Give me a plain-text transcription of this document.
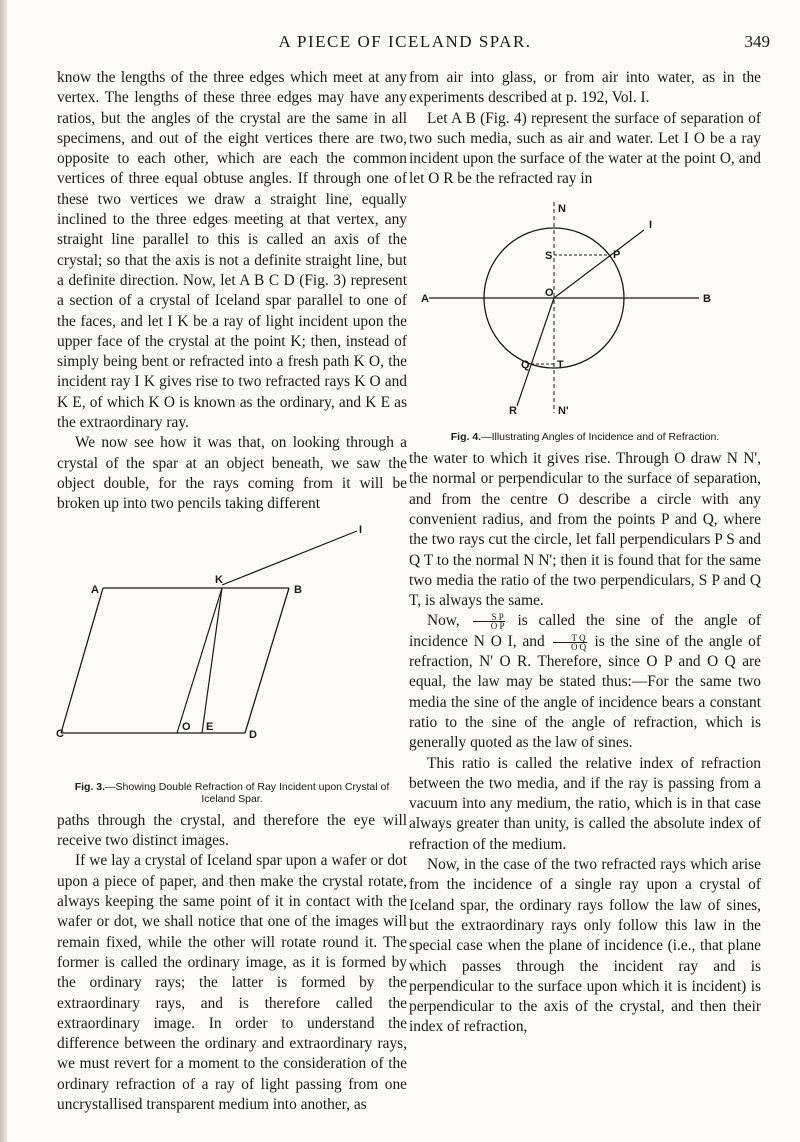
A PIECE OF ICELAND SPAR.	349

know the lengths of the three edges which meet at any vertex. The lengths of these three edges may have any ratios, but the angles of the crystal are the same in all specimens, and out of the eight vertices there are two, opposite to each other, which are each the common vertices of three equal obtuse angles. If through one of these two vertices we draw a straight line, equally inclined to the three edges meeting at that vertex, any straight line parallel to this is called an axis of the crystal; so that the axis is not a definite straight line, but a definite direction. Now, let A B C D (Fig. 3) represent a section of a crystal of Iceland spar parallel to one of the faces, and let I K be a ray of light incident upon the upper face of the crystal at the point K; then, instead of simply being bent or refracted into a fresh path K O, the incident ray I K gives rise to two refracted rays K O and K E, of which K O is known as the ordinary, and K E as the extraordinary ray.

We now see how it was that, on looking through a crystal of the spar at an object beneath, we saw the object double, for the rays coming from it will be broken up into two pencils taking different

I
K
A	B
C	D
O E
Fig. 3.—Showing Double Refraction of Ray Incident upon Crystal of Iceland Spar.

paths through the crystal, and therefore the eye will receive two distinct images.

If we lay a crystal of Iceland spar upon a wafer or dot upon a piece of paper, and then make the crystal rotate, always keeping the same point of it in contact with the wafer or dot, we shall notice that one of the images will remain fixed, while the other will rotate round it. The former is called the ordinary image, as it is formed by the ordinary rays; the latter is formed by the extraordinary rays, and is therefore called the extraordinary image. In order to understand the difference between the ordinary and extraordinary rays, we must revert for a moment to the consideration of the ordinary refraction of a ray of light passing from one uncrystallised transparent medium into another, as

from air into glass, or from air into water, as in the experiments described at p. 192, Vol. I.

Let A B (Fig. 4) represent the surface of separation of two such media, such as air and water. Let I O be a ray incident upon the surface of the water at the point O, and let O R be the refracted ray in

N
I
S	P
A	O	B
Q T
R	N'
Fig. 4.—Illustrating Angles of Incidence and of Refraction.

the water to which it gives rise. Through O draw N N', the normal or perpendicular to the surface of separation, and from the centre O describe a circle with any convenient radius, and from the points P and Q, where the two rays cut the circle, let fall perpendiculars P S and Q T to the normal N N'; then it is found that for the same two media the ratio of the two perpendiculars, S P and Q T, is always the same.

Now, $\frac{\text{S P}}{\text{O P}}$ is called the sine of the angle of incidence N O I, and $\frac{\text{T Q}}{\text{O Q}}$ is the sine of the angle of refraction, N' O R. Therefore, since O P and O Q are equal, the law may be stated thus:—For the same two media the sine of the angle of incidence bears a constant ratio to the sine of the angle of refraction, which is generally quoted as the law of sines.

This ratio is called the relative index of refraction between the two media, and if the ray is passing from a vacuum into any medium, the ratio, which is in that case always greater than unity, is called the absolute index of refraction of the medium.

Now, in the case of the two refracted rays which arise from the incidence of a single ray upon a crystal of Iceland spar, the ordinary rays follow the law of sines, but the extraordinary rays only follow this law in the special case when the plane of incidence (i.e., that plane which passes through the incident ray and is perpendicular to the surface upon which it is incident) is perpendicular to the axis of the crystal, and then their index of refraction,
